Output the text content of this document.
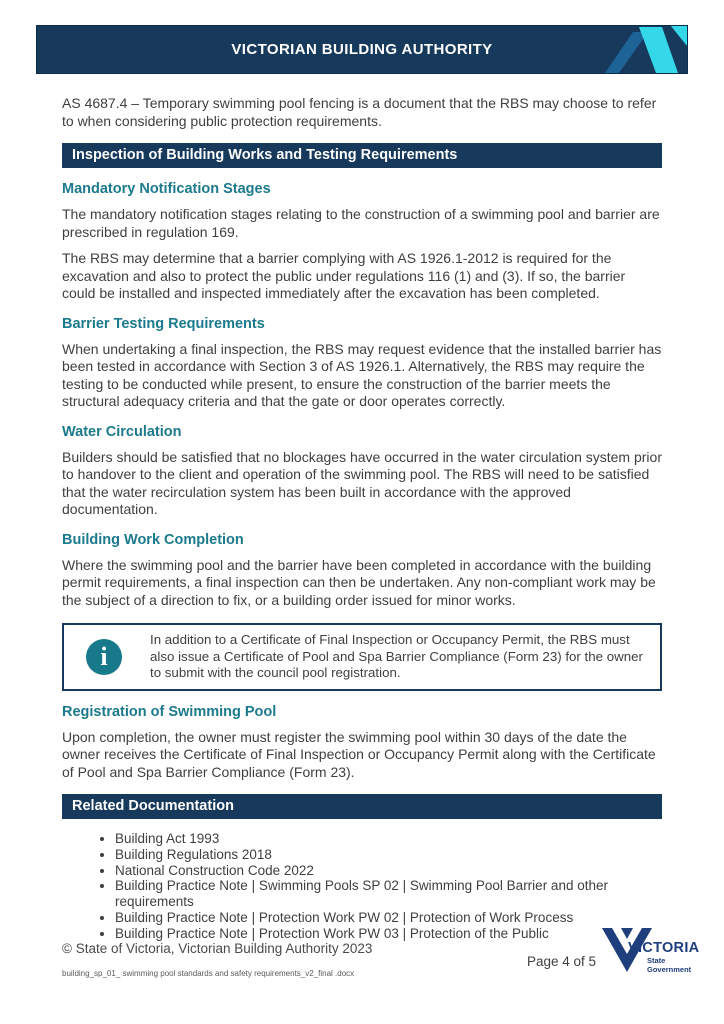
VICTORIAN BUILDING AUTHORITY

AS 4687.4 – Temporary swimming pool fencing is a document that the RBS may choose to refer to when considering public protection requirements.

Inspection of Building Works and Testing Requirements
Mandatory Notification Stages

The mandatory notification stages relating to the construction of a swimming pool and barrier are prescribed in regulation 169.

The RBS may determine that a barrier complying with AS 1926.1-2012 is required for the excavation and also to protect the public under regulations 116 (1) and (3). If so, the barrier could be installed and inspected immediately after the excavation has been completed.

Barrier Testing Requirements

When undertaking a final inspection, the RBS may request evidence that the installed barrier has been tested in accordance with Section 3 of AS 1926.1. Alternatively, the RBS may require the testing to be conducted while present, to ensure the construction of the barrier meets the structural adequacy criteria and that the gate or door operates correctly.

Water Circulation

Builders should be satisfied that no blockages have occurred in the water circulation system prior to handover to the client and operation of the swimming pool. The RBS will need to be satisfied that the water recirculation system has been built in accordance with the approved documentation.

Building Work Completion

Where the swimming pool and the barrier have been completed in accordance with the building permit requirements, a final inspection can then be undertaken. Any non-compliant work may be the subject of a direction to fix, or a building order issued for minor works.

i
In addition to a Certificate of Final Inspection or Occupancy Permit, the RBS must also issue a Certificate of Pool and Spa Barrier Compliance (Form 23) for the owner to submit with the council pool registration.
Registration of Swimming Pool

Upon completion, the owner must register the swimming pool within 30 days of the date the owner receives the Certificate of Final Inspection or Occupancy Permit along with the Certificate of Pool and Spa Barrier Compliance (Form 23).

Related Documentation
• Building Act 1993
• Building Regulations 2018
• National Construction Code 2022
• Building Practice Note | Swimming Pools SP 02 | Swimming Pool Barrier and other requirements
• Building Practice Note | Protection Work PW 02 | Protection of Work Process
• Building Practice Note | Protection Work PW 03 | Protection of the Public
© State of Victoria, Victorian Building Authority 2023
building_sp_01_ swimming pool standards and safety requirements_v2_final .docx
Page 4 of 5
VICTORIA
State
Government
